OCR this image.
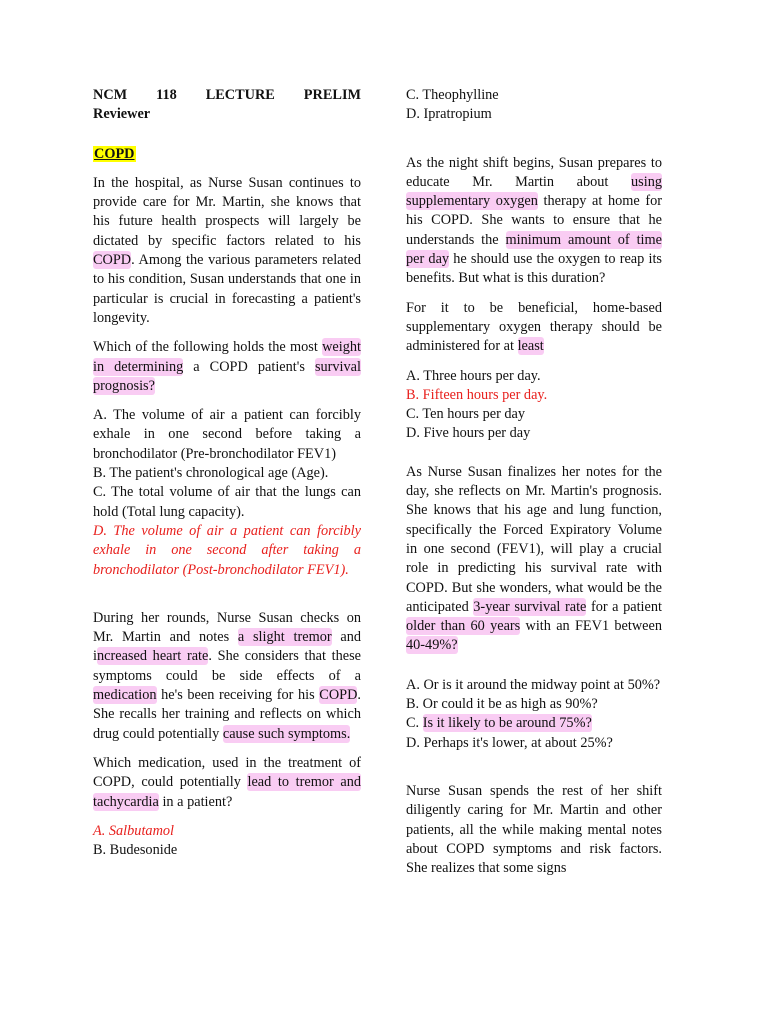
NCM 118 LECTURE PRELIM
Reviewer
COPD

In the hospital, as Nurse Susan continues to provide care for Mr. Martin, she knows that his future health prospects will largely be dictated by specific factors related to his COPD. Among the various parameters related to his condition, Susan understands that one in particular is crucial in forecasting a patient's longevity.

Which of the following holds the most weight in determining a COPD patient's survival prognosis?

A. The volume of air a patient can forcibly exhale in one second before taking a bronchodilator (Pre-bronchodilator FEV1)

B. The patient's chronological age (Age).

C. The total volume of air that the lungs can hold (Total lung capacity).

D. The volume of air a patient can forcibly exhale in one second after taking a bronchodilator (Post-bronchodilator FEV1).

During her rounds, Nurse Susan checks on Mr. Martin and notes a slight tremor and increased heart rate. She considers that these symptoms could be side effects of a medication he's been receiving for his COPD. She recalls her training and reflects on which drug could potentially cause such symptoms.

Which medication, used in the treatment of COPD, could potentially lead to tremor and tachycardia in a patient?

A. Salbutamol

B. Budesonide

C. Theophylline

D. Ipratropium

As the night shift begins, Susan prepares to educate Mr. Martin about using supplementary oxygen therapy at home for his COPD. She wants to ensure that he understands the minimum amount of time per day he should use the oxygen to reap its benefits. But what is this duration?

For it to be beneficial, home-based supplementary oxygen therapy should be administered for at least

A. Three hours per day.

B. Fifteen hours per day.

C. Ten hours per day

D. Five hours per day

As Nurse Susan finalizes her notes for the day, she reflects on Mr. Martin's prognosis. She knows that his age and lung function, specifically the Forced Expiratory Volume in one second (FEV1), will play a crucial role in predicting his survival rate with COPD. But she wonders, what would be the anticipated 3-year survival rate for a patient older than 60 years with an FEV1 between 40-49%?

A. Or is it around the midway point at 50%?

B. Or could it be as high as 90%?

C. Is it likely to be around 75%?

D. Perhaps it's lower, at about 25%?

Nurse Susan spends the rest of her shift diligently caring for Mr. Martin and other patients, all the while making mental notes about COPD symptoms and risk factors. She realizes that some signs
